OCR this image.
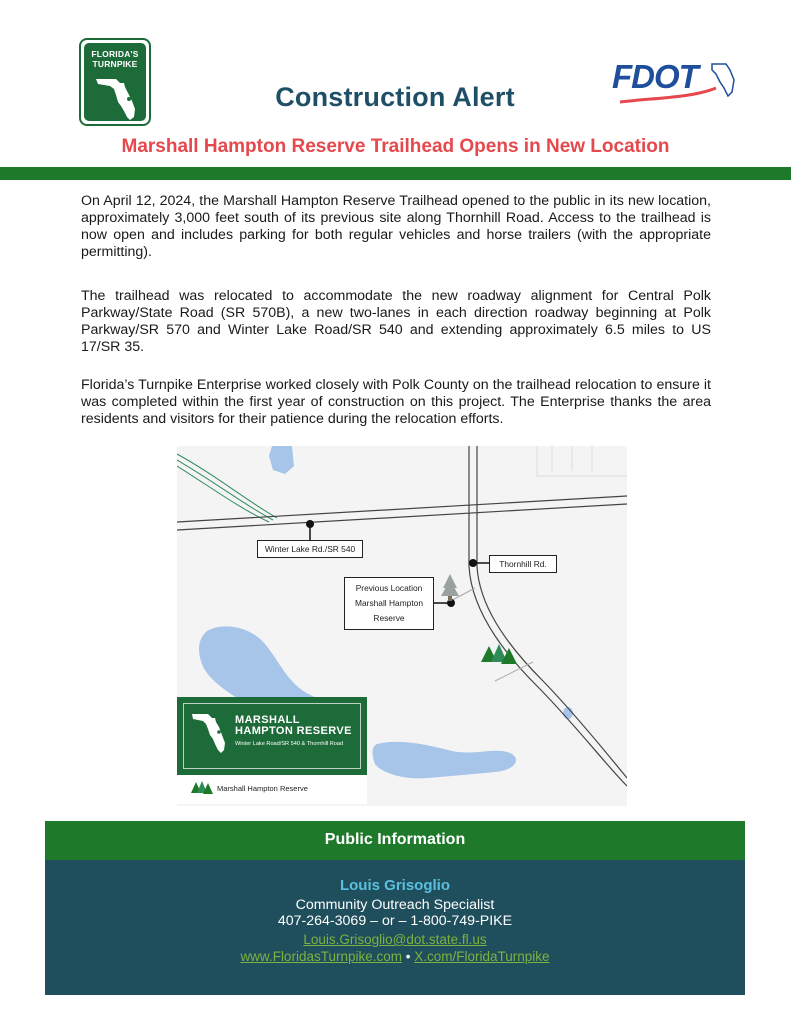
FLORIDA'S
TURNPIKE
Construction Alert
FDOT
Marshall Hampton Reserve Trailhead Opens in New Location
On April 12, 2024, the Marshall Hampton Reserve Trailhead opened to the public in its new location, approximately 3,000 feet south of its previous site along Thornhill Road. Access to the trailhead is now open and includes parking for both regular vehicles and horse trailers (with the appropriate permitting).
The trailhead was relocated to accommodate the new roadway alignment for Central Polk Parkway/State Road (SR 570B), a new two-lanes in each direction roadway beginning at Polk Parkway/SR 570 and Winter Lake Road/SR 540 and extending approximately 6.5 miles to US 17/SR 35.
Florida’s Turnpike Enterprise worked closely with Polk County on the trailhead relocation to ensure it was completed within the first year of construction on this project. The Enterprise thanks the area residents and visitors for their patience during the relocation efforts.
Winter Lake Rd./SR 540
Thornhill Rd.
Previous Location
Marshall Hampton
Reserve
MARSHALL
HAMPTON RESERVE
Winter Lake Road/SR 540 & Thornhill Road
Marshall Hampton Reserve
Public Information
Louis Grisoglio
Community Outreach Specialist
407-264-3069 – or – 1-800-749-PIKE
Louis.Grisoglio@dot.state.fl.us
www.FloridasTurnpike.com • X.com/FloridaTurnpike
